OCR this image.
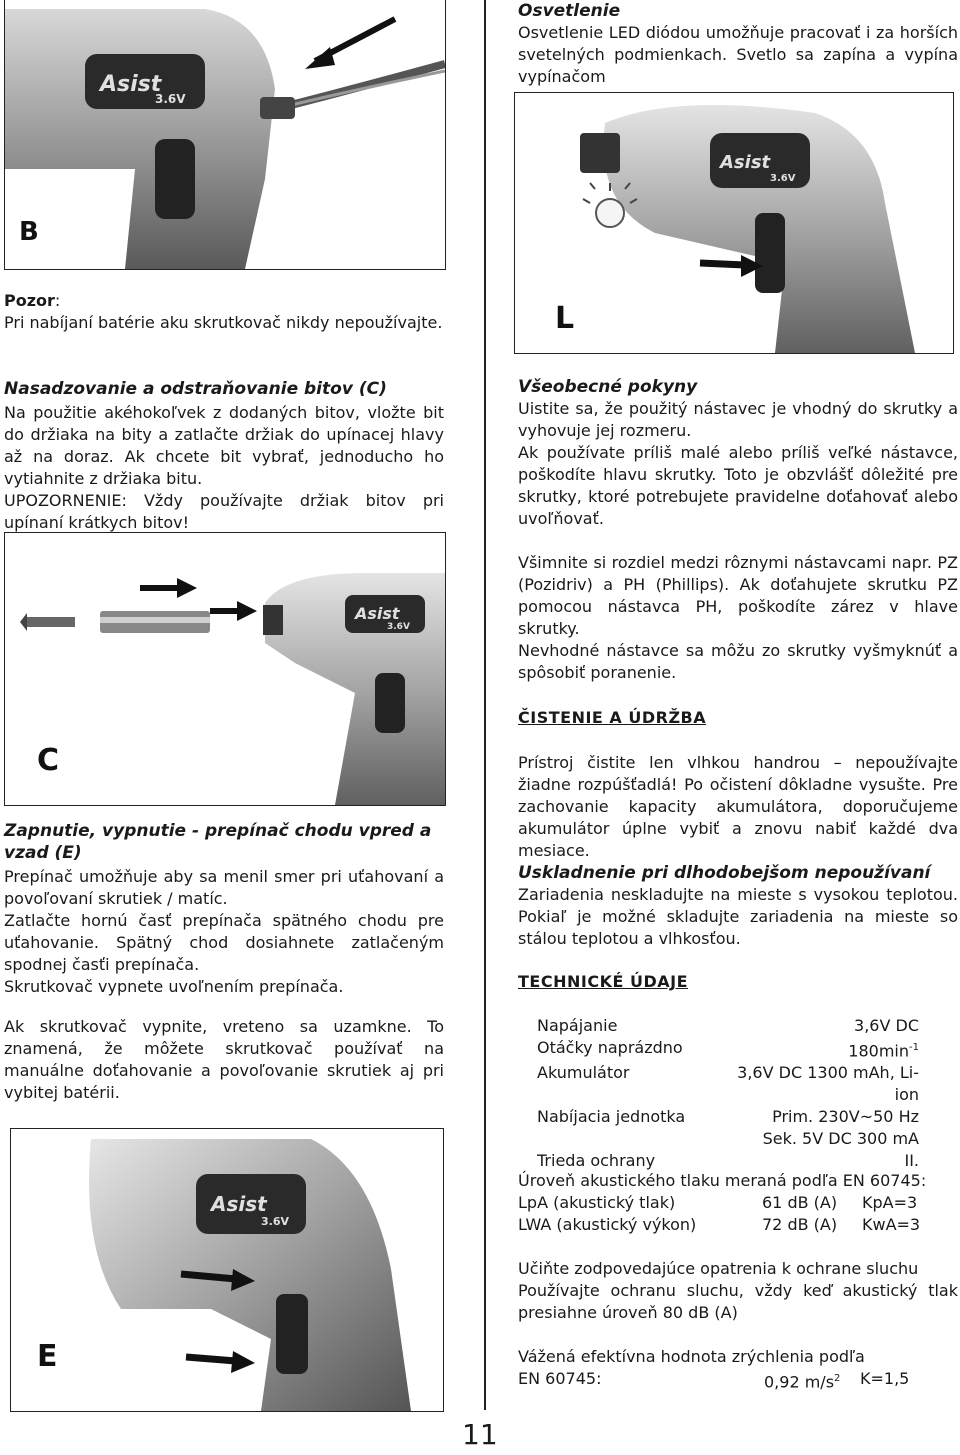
Asist
3.6V
B

Pozor:

Pri nabíjaní batérie aku skrutkovač nikdy nepoužívajte.

Nasadzovanie a odstraňovanie bitov (C)

Na použitie akéhokoľvek z dodaných bitov, vložte bit do držiaka na bity a zatlačte držiak do upínacej hlavy až na doraz. Ak chcete bit vybrať, jednoducho ho vytiahnite z držiaka bitu.

UPOZORNENIE: Vždy používajte držiak bitov pri upínaní krátkych bitov!

Asist
3.6V
C
Zapnutie, vypnutie - prepínač chodu vpred a vzad (E)

Prepínač umožňuje aby sa menil smer pri uťahovaní a povoľovaní skrutiek / matíc.

Zatlačte hornú časť prepínača spätného chodu pre uťahovanie. Spätný chod dosiahnete zatlačeným spodnej časťi prepínača.

Skrutkovač vypnete uvoľnením prepínača.

Ak skrutkovač vypnite, vreteno sa uzamkne. To znamená, že môžete skrutkovač používať na manuálne doťahovanie a povoľovanie skrutiek aj pri vybitej batérii.

Asist
3.6V
E
Osvetlenie
Osvetlenie LED diódou umožňuje pracovať i za horších svetelných podmienkach. Svetlo sa zapína a vypína vypínačom
Asist
3.6V
L
Všeobecné pokyny

Uistite sa, že použitý nástavec je vhodný do skrutky a vyhovuje jej rozmeru.

Ak používate príliš malé alebo príliš veľké nástavce, poškodíte hlavu skrutky. Toto je obzvlášť dôležité pre skrutky, ktoré potrebujete pravidelne doťahovať alebo uvoľňovať.

Všimnite si rozdiel medzi rôznymi nástavcami napr. PZ (Pozidriv) a PH (Phillips). Ak doťahujete skrutku PZ pomocou nástavca PH, poškodíte zárez v hlave skrutky.

Nevhodné nástavce sa môžu zo skrutky vyšmyknúť a spôsobiť poranenie.

ČISTENIE A ÚDRŽBA
Prístroj čistite len vlhkou handrou – nepoužívajte žiadne rozpúšťadlá! Po očistení dôkladne vysušte. Pre zachovanie kapacity akumulátora, doporučujeme akumulátor úplne vybiť a znovu nabiť každé dva mesiace.
Uskladnenie pri dlhodobejšom nepoužívaní
Zariadenia neskladujte na mieste s vysokou teplotou. Pokiaľ je možné skladujte zariadenia na mieste so stálou teplotou a vlhkosťou.
TECHNICKÉ ÚDAJE
Napájanie	3,6V DC
Otáčky naprázdno	$180\min^{-1}$
Akumulátor	3,6V DC 1300 mAh, Li-ion
Nabíjacia jednotka	Prim. 230V~50 Hz
Sek. 5V DC 300 mA
Trieda ochrany	II.
Úroveň akustického tlaku meraná podľa EN 60745:
LpA (akustický tlak)	61 dB (A)	KpA=3
LWA (akustický výkon)	72 dB (A)	KwA=3

Učiňte zodpovedajúce opatrenia k ochrane sluchu

Používajte ochranu sluchu, vždy keď akustický tlak presiahne úroveň 80 dB (A)

Vážená efektívna hodnota zrýchlenia podľa
EN 60745:	0,92 $m/s^2$	K=1,5
11
